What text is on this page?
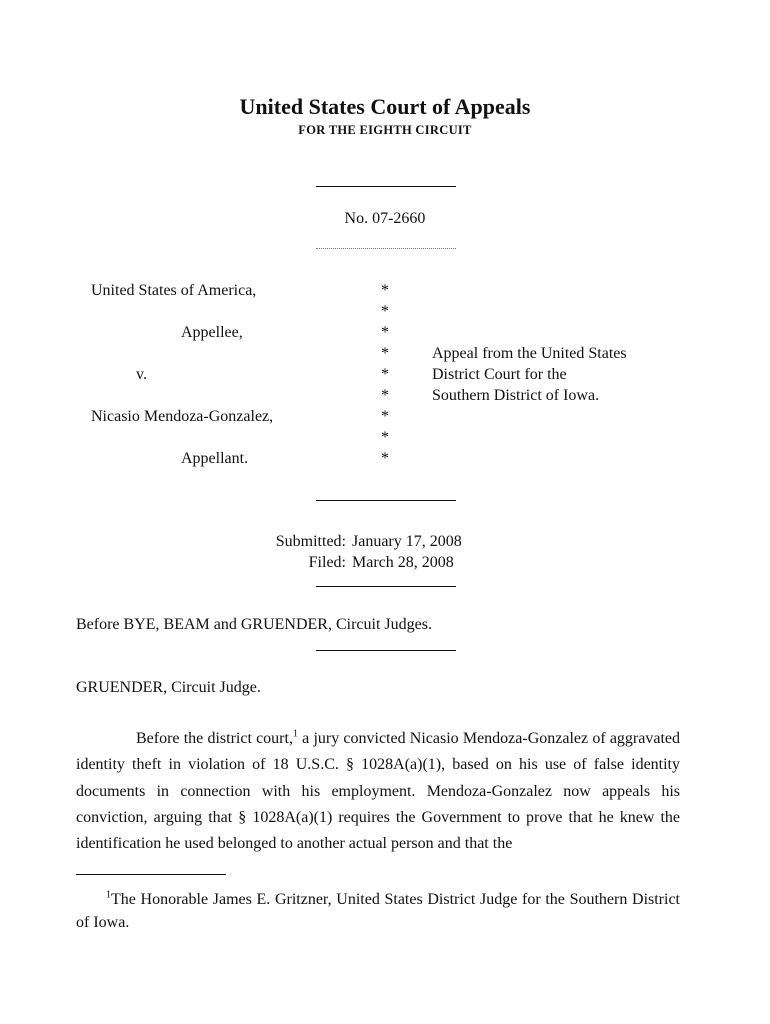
United States Court of Appeals
FOR THE EIGHTH CIRCUIT
No. 07-2660
United States of America,
Appellee,
v.
Nicasio Mendoza-Gonzalez,
Appellant.
*
*
*
*
*
*
*
*
*
Appeal from the United States
District Court for the
Southern District of Iowa.
Submitted: January 17, 2008
Filed: March 28, 2008
Before BYE, BEAM and GRUENDER, Circuit Judges.
GRUENDER, Circuit Judge.

Before the district court,$^1$ a jury convicted Nicasio Mendoza-Gonzalez of aggravated identity theft in violation of 18 U.S.C. § 1028A(a)(1), based on his use of false identity documents in connection with his employment. Mendoza-Gonzalez now appeals his conviction, arguing that § 1028A(a)(1) requires the Government to prove that he knew the identification he used belonged to another actual person and that the

$^1$The Honorable James E. Gritzner, United States District Judge for the Southern District of Iowa.
